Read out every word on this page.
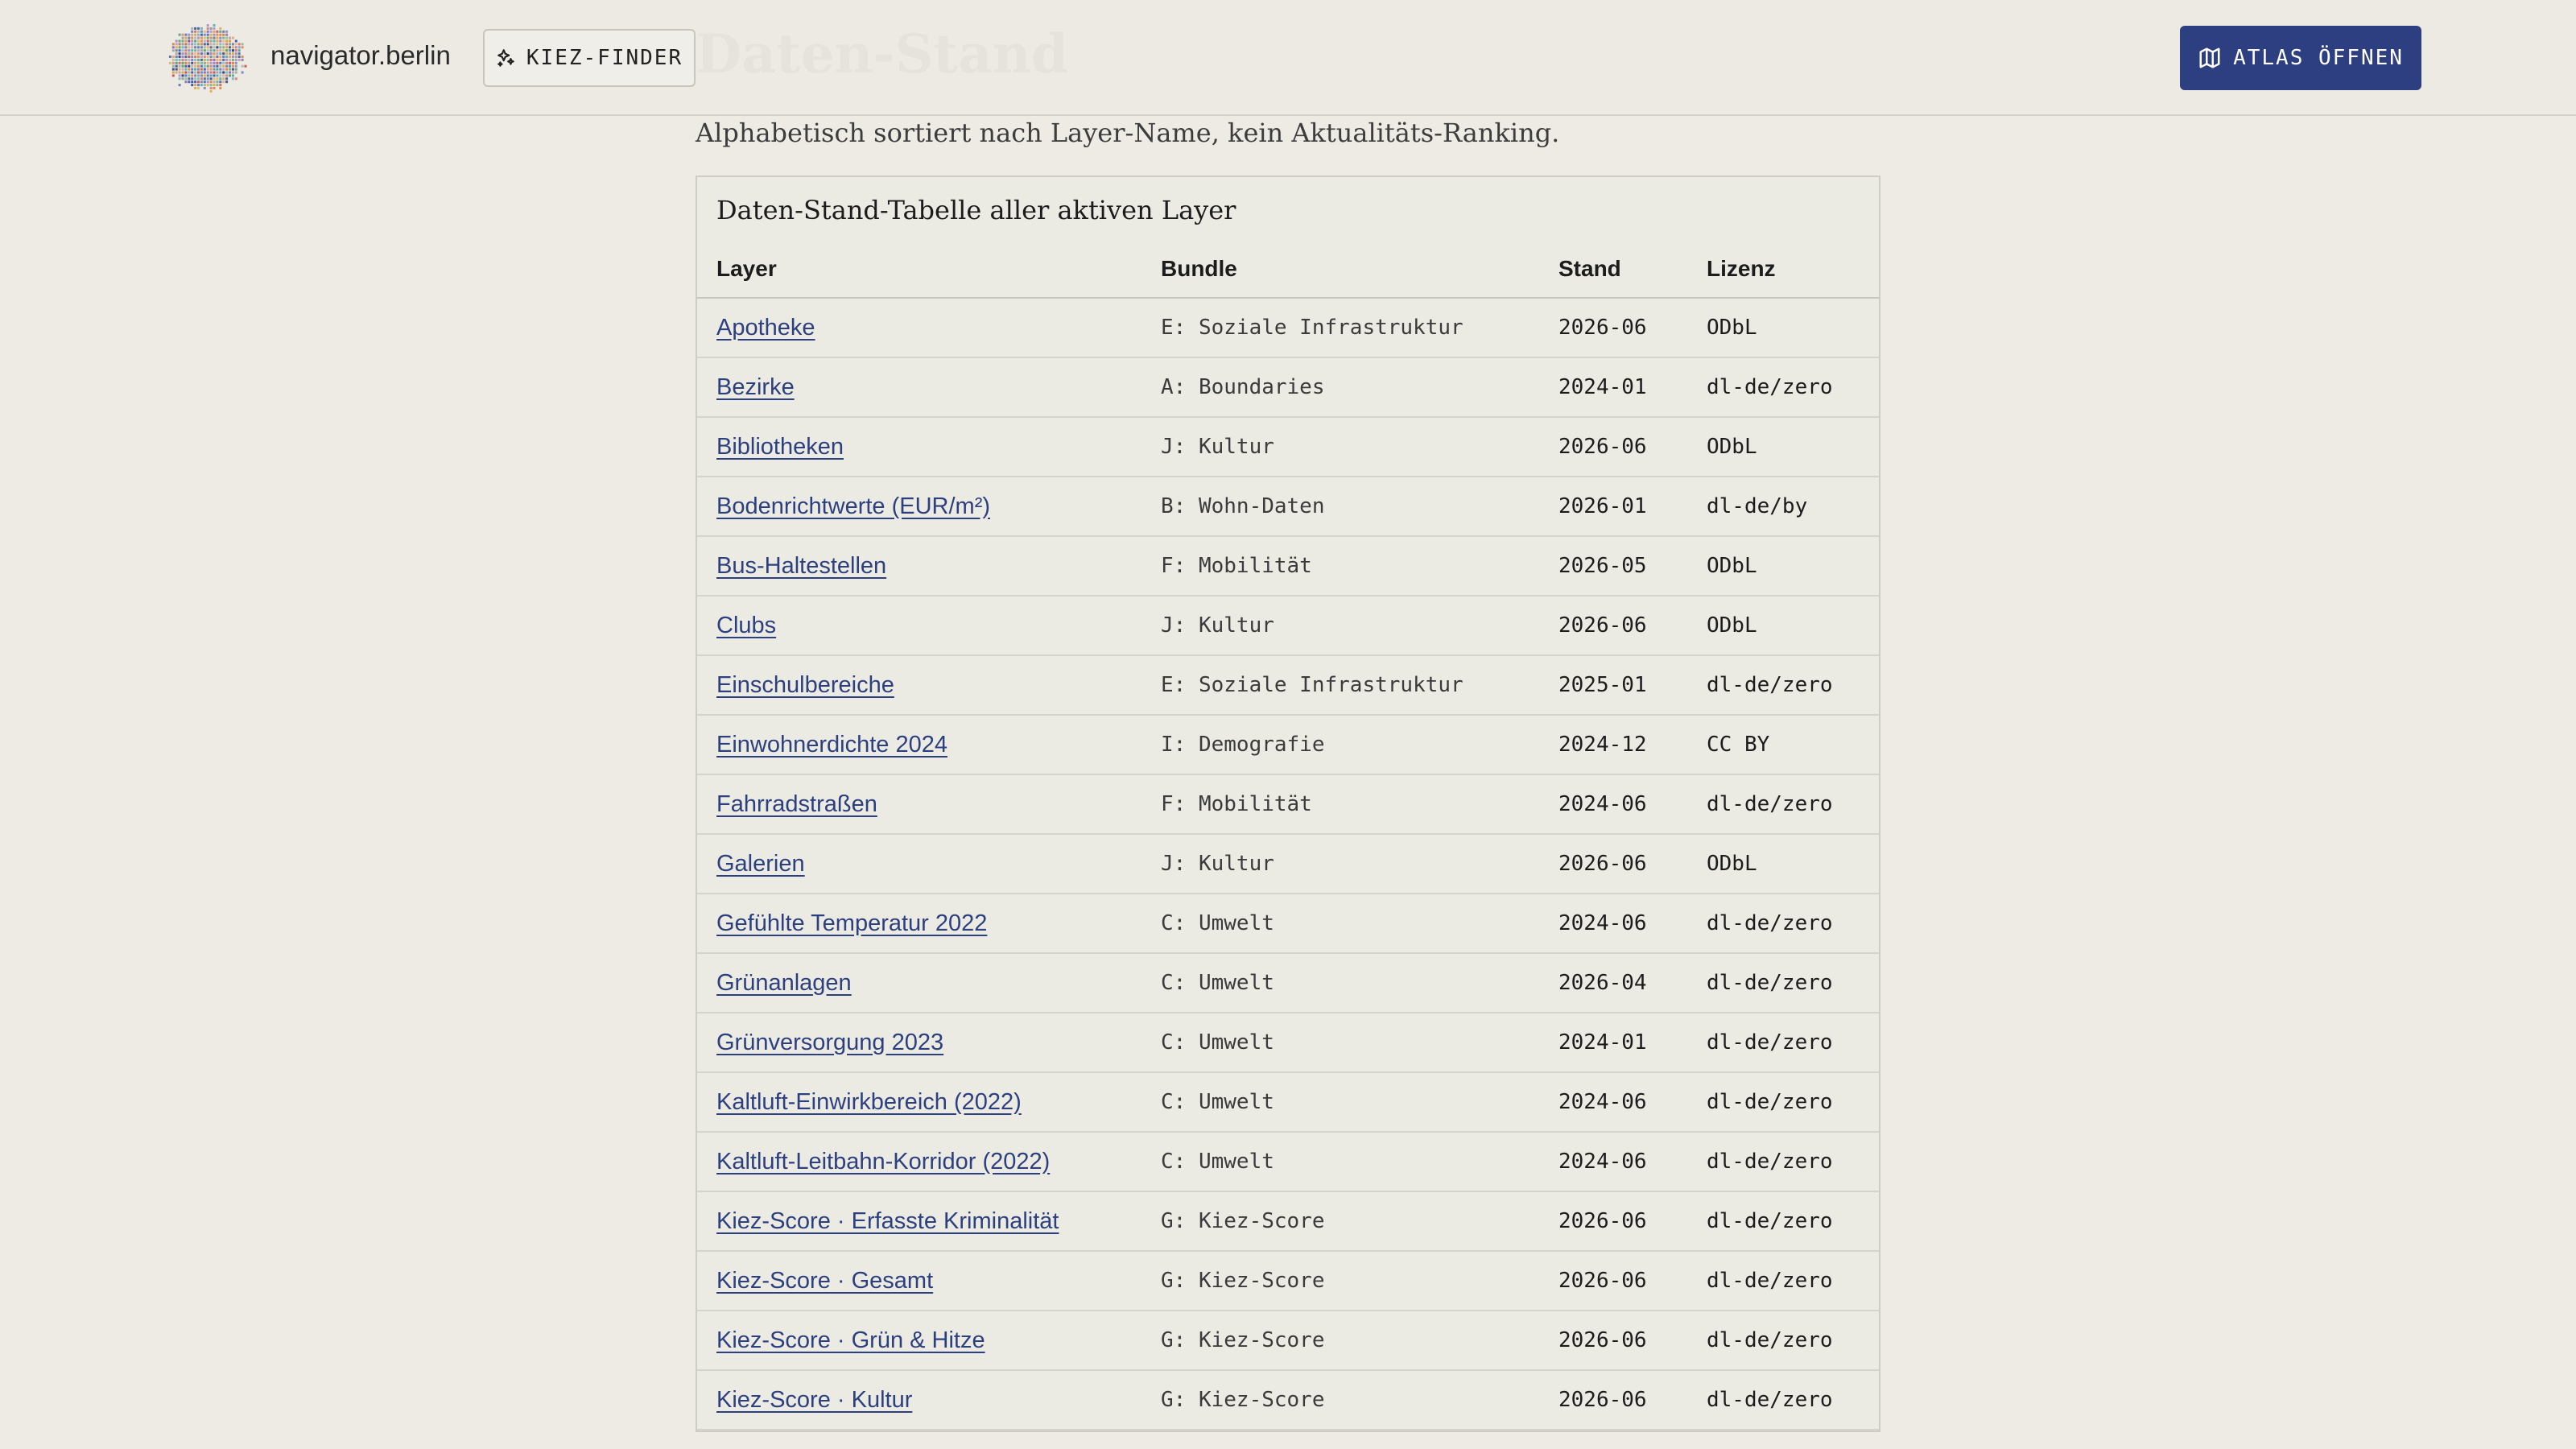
Alphabetisch sortiert nach Layer-Name, kein Aktualitäts-Ranking.

Daten-Stand-Tabelle aller aktiven Layer
Layer	Bundle	Stand	Lizenz
Apotheke	E: Soziale Infrastruktur	2026-06	ODbL
Bezirke	A: Boundaries	2024-01	dl-de/zero
Bibliotheken	J: Kultur	2026-06	ODbL
Bodenrichtwerte (EUR/m²)	B: Wohn-Daten	2026-01	dl-de/by
Bus-Haltestellen	F: Mobilität	2026-05	ODbL
Clubs	J: Kultur	2026-06	ODbL
Einschulbereiche	E: Soziale Infrastruktur	2025-01	dl-de/zero
Einwohnerdichte 2024	I: Demografie	2024-12	CC BY
Fahrradstraßen	F: Mobilität	2024-06	dl-de/zero
Galerien	J: Kultur	2026-06	ODbL
Gefühlte Temperatur 2022	C: Umwelt	2024-06	dl-de/zero
Grünanlagen	C: Umwelt	2026-04	dl-de/zero
Grünversorgung 2023	C: Umwelt	2024-01	dl-de/zero
Kaltluft-Einwirkbereich (2022)	C: Umwelt	2024-06	dl-de/zero
Kaltluft-Leitbahn-Korridor (2022)	C: Umwelt	2024-06	dl-de/zero
Kiez-Score · Erfasste Kriminalität	G: Kiez-Score	2026-06	dl-de/zero
Kiez-Score · Gesamt	G: Kiez-Score	2026-06	dl-de/zero
Kiez-Score · Grün & Hitze	G: Kiez-Score	2026-06	dl-de/zero
Kiez-Score · Kultur	G: Kiez-Score	2026-06	dl-de/zero
navigator.berlin	KIEZ-FINDER	ATLAS ÖFFNEN
